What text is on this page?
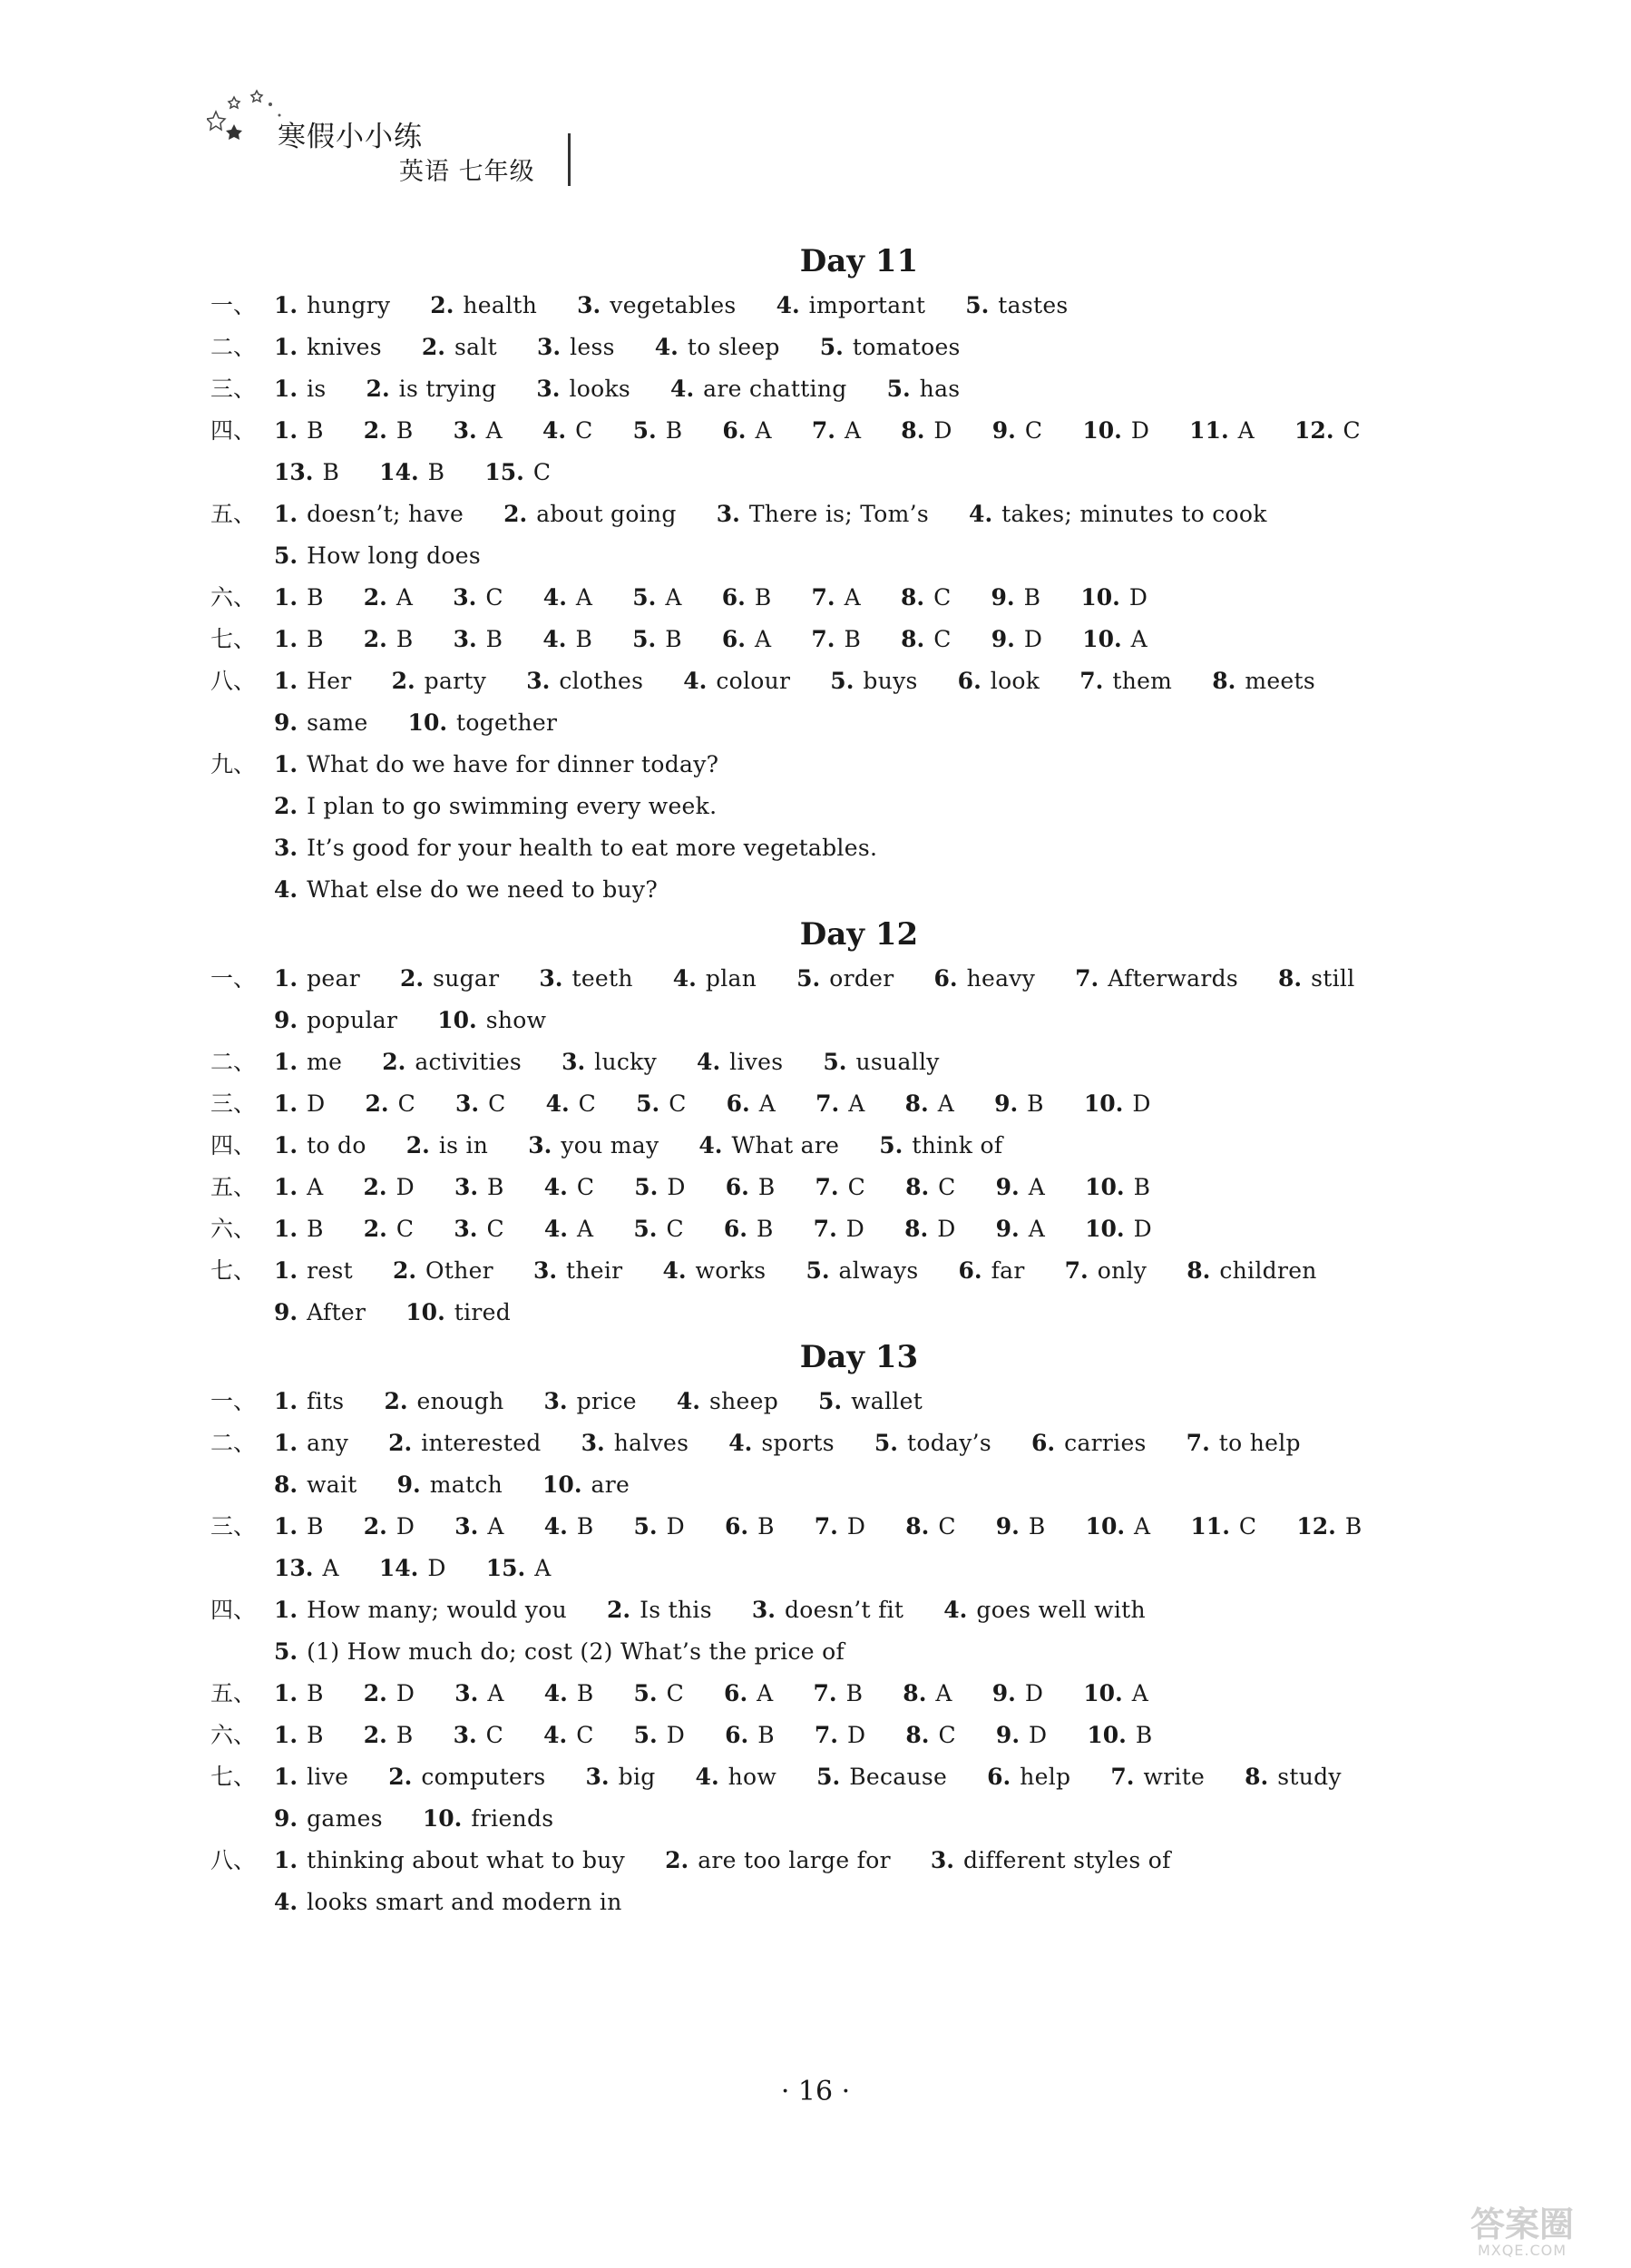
寒假小小练
英语 七年级
Day 11
一、 1. hungry 2. health 3. vegetables 4. important 5. tastes
二、 1. knives 2. salt 3. less 4. to sleep 5. tomatoes
三、 1. is 2. is trying 3. looks 4. are chatting 5. has
四、 1. B 2. B 3. A 4. C 5. B 6. A 7. A 8. D 9. C 10. D 11. A 12. C
13. B 14. B 15. C
五、 1. doesn’t; have 2. about going 3. There is; Tom’s 4. takes; minutes to cook
5. How long does
六、 1. B 2. A 3. C 4. A 5. A 6. B 7. A 8. C 9. B 10. D
七、 1. B 2. B 3. B 4. B 5. B 6. A 7. B 8. C 9. D 10. A
八、 1. Her 2. party 3. clothes 4. colour 5. buys 6. look 7. them 8. meets
9. same 10. together
九、 1. What do we have for dinner today?
2. I plan to go swimming every week.
3. It’s good for your health to eat more vegetables.
4. What else do we need to buy?
Day 12
一、 1. pear 2. sugar 3. teeth 4. plan 5. order 6. heavy 7. Afterwards 8. still
9. popular 10. show
二、 1. me 2. activities 3. lucky 4. lives 5. usually
三、 1. D 2. C 3. C 4. C 5. C 6. A 7. A 8. A 9. B 10. D
四、 1. to do 2. is in 3. you may 4. What are 5. think of
五、 1. A 2. D 3. B 4. C 5. D 6. B 7. C 8. C 9. A 10. B
六、 1. B 2. C 3. C 4. A 5. C 6. B 7. D 8. D 9. A 10. D
七、 1. rest 2. Other 3. their 4. works 5. always 6. far 7. only 8. children
9. After 10. tired
Day 13
一、 1. fits 2. enough 3. price 4. sheep 5. wallet
二、 1. any 2. interested 3. halves 4. sports 5. today’s 6. carries 7. to help
8. wait 9. match 10. are
三、 1. B 2. D 3. A 4. B 5. D 6. B 7. D 8. C 9. B 10. A 11. C 12. B
13. A 14. D 15. A
四、 1. How many; would you 2. Is this 3. doesn’t fit 4. goes well with
5. (1) How much do; cost (2) What’s the price of
五、 1. B 2. D 3. A 4. B 5. C 6. A 7. B 8. A 9. D 10. A
六、 1. B 2. B 3. C 4. C 5. D 6. B 7. D 8. C 9. D 10. B
七、 1. live 2. computers 3. big 4. how 5. Because 6. help 7. write 8. study
9. games 10. friends
八、 1. thinking about what to buy 2. are too large for 3. different styles of
4. looks smart and modern in
· 16 ·
答案圈
MXQE.COM
